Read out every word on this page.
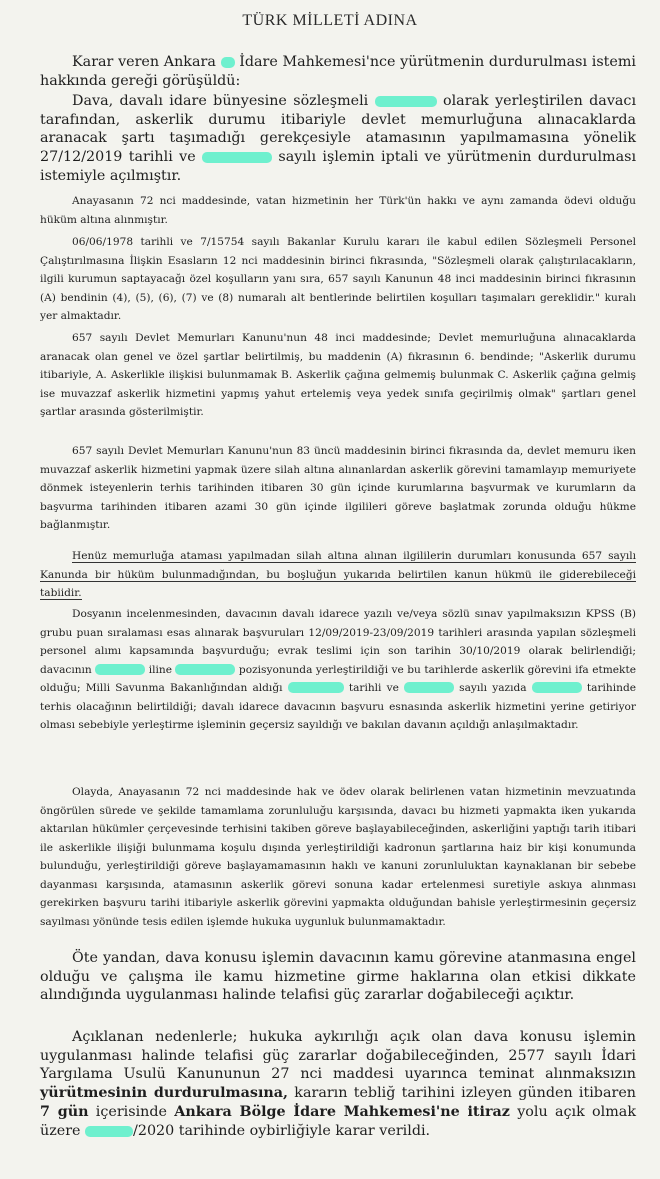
TÜRK MİLLETİ ADINA

Karar veren Ankara İdare Mahkemesi'nce yürütmenin durdurulması istemi hakkında gereği görüşüldü:

Dava, davalı idare bünyesine sözleşmeli	olarak yerleştirilen davacı tarafından, askerlik durumu itibariyle devlet memurluğuna alınacaklarda aranacak şartı taşımadığı gerekçesiyle atamasının yapılmamasına yönelik 27/12/2019 tarihli ve	sayılı işlemin iptali ve yürütmenin durdurulması istemiyle açılmıştır.

Anayasanın 72 nci maddesinde, vatan hizmetinin her Türk'ün hakkı ve aynı zamanda ödevi olduğu hüküm altına alınmıştır.

06/06/1978 tarihli ve 7/15754 sayılı Bakanlar Kurulu kararı ile kabul edilen Sözleşmeli Personel Çalıştırılmasına İlişkin Esasların 12 nci maddesinin birinci fıkrasında, "Sözleşmeli olarak çalıştırılacakların, ilgili kurumun saptayacağı özel koşulların yanı sıra, 657 sayılı Kanunun 48 inci maddesinin birinci fıkrasının (A) bendinin (4), (5), (6), (7) ve (8) numaralı alt bentlerinde belirtilen koşulları taşımaları gereklidir." kuralı yer almaktadır.

657 sayılı Devlet Memurları Kanunu'nun 48 inci maddesinde; Devlet memurluğuna alınacaklarda aranacak olan genel ve özel şartlar belirtilmiş, bu maddenin (A) fıkrasının 6. bendinde; "Askerlik durumu itibariyle, A. Askerlikle ilişkisi bulunmamak B. Askerlik çağına gelmemiş bulunmak C. Askerlik çağına gelmiş ise muvazzaf askerlik hizmetini yapmış yahut ertelemiş veya yedek sınıfa geçirilmiş olmak" şartları genel şartlar arasında gösterilmiştir.

657 sayılı Devlet Memurları Kanunu'nun 83 üncü maddesinin birinci fıkrasında da, devlet memuru iken muvazzaf askerlik hizmetini yapmak üzere silah altına alınanlardan askerlik görevini tamamlayıp memuriyete dönmek isteyenlerin terhis tarihinden itibaren 30 gün içinde kurumlarına başvurmak ve kurumların da başvurma tarihinden itibaren azami 30 gün içinde ilgilileri göreve başlatmak zorunda olduğu hükme bağlanmıştır.

Henüz memurluğa ataması yapılmadan silah altına alınan ilgililerin durumları konusunda 657 sayılı Kanunda bir hüküm bulunmadığından, bu boşluğun yukarıda belirtilen kanun hükmü ile giderebileceği tabiidir.

Dosyanın incelenmesinden, davacının davalı idarece yazılı ve/veya sözlü sınav yapılmaksızın KPSS (B) grubu puan sıralaması esas alınarak başvuruları 12/09/2019-23/09/2019 tarihleri arasında yapılan sözleşmeli personel alımı kapsamında başvurduğu; evrak teslimi için son tarihin 30/10/2019 olarak belirlendiği; davacının	iline	pozisyonunda yerleştirildiği ve bu tarihlerde askerlik görevini ifa etmekte olduğu; Milli Savunma Bakanlığından aldığı	tarihli ve	sayılı yazıda	tarihinde terhis olacağının belirtildiği; davalı idarece davacının başvuru esnasında askerlik hizmetini yerine getiriyor olması sebebiyle yerleştirme işleminin geçersiz sayıldığı ve bakılan davanın açıldığı anlaşılmaktadır.

Olayda, Anayasanın 72 nci maddesinde hak ve ödev olarak belirlenen vatan hizmetinin mevzuatında öngörülen sürede ve şekilde tamamlama zorunluluğu karşısında, davacı bu hizmeti yapmakta iken yukarıda aktarılan hükümler çerçevesinde terhisini takiben göreve başlayabileceğinden, askerliğini yaptığı tarih itibari ile askerlikle ilişiği bulunmama koşulu dışında yerleştirildiği kadronun şartlarına haiz bir kişi konumunda bulunduğu, yerleştirildiği göreve başlayamamasının haklı ve kanuni zorunluluktan kaynaklanan bir sebebe dayanması karşısında, atamasının askerlik görevi sonuna kadar ertelenmesi suretiyle askıya alınması gerekirken başvuru tarihi itibariyle askerlik görevini yapmakta olduğundan bahisle yerleştirmesinin geçersiz sayılması yönünde tesis edilen işlemde hukuka uygunluk bulunmamaktadır.

Öte yandan, dava konusu işlemin davacının kamu görevine atanmasına engel olduğu ve çalışma ile kamu hizmetine girme haklarına olan etkisi dikkate alındığında uygulanması halinde telafisi güç zararlar doğabileceği açıktır.

Açıklanan nedenlerle; hukuka aykırılığı açık olan dava konusu işlemin uygulanması halinde telafisi güç zararlar doğabileceğinden, 2577 sayılı İdari Yargılama Usulü Kanununun 27 nci maddesi uyarınca teminat alınmaksızın yürütmesinin durdurulmasına, kararın tebliğ tarihini izleyen günden itibaren 7 gün içerisinde Ankara Bölge İdare Mahkemesi'ne itiraz yolu açık olmak üzere	/2020 tarihinde oybirliğiyle karar verildi.
